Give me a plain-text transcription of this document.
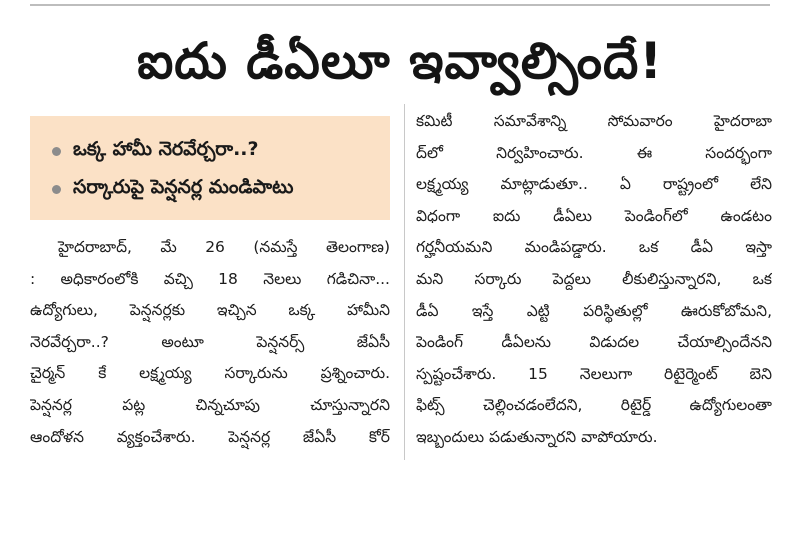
ఐదు డీఏలూ ఇవ్వాల్సిందే!
ఒక్క హామీ నెరవేర్చరా..?
సర్కారుపై పెన్షనర్ల మండిపాటు
హైదరాబాద్‌, మే 26 (నమస్తే తెలంగాణ)
: అధికారంలోకి వచ్చి 18 నెలలు గడిచినా...
ఉద్యోగులు, పెన్షనర్లకు ఇచ్చిన ఒక్క హామీని
నెరవేర్చరా..? అంటూ పెన్షనర్స్‌ జేఏసీ
చైర్మన్‌ కే లక్ష్మయ్య సర్కారును ప్రశ్నించారు.
పెన్షనర్ల పట్ల చిన్నచూపు చూస్తున్నారని
ఆందోళన వ్యక్తంచేశారు. పెన్షనర్ల జేఏసీ కోర్‌
కమిటీ సమావేశాన్ని సోమవారం హైదరాబా
ద్‌లో నిర్వహించారు. ఈ సందర్భంగా
లక్ష్మయ్య మాట్లాడుతూ.. ఏ రాష్ట్రంలో లేని
విధంగా ఐదు డీఏలు పెండింగ్‌లో ఉండటం
గర్హనీయమని మండిపడ్డారు. ఒక డీఏ ఇస్తా
మని సర్కారు పెద్దలు లీకులిస్తున్నారని, ఒక
డీఏ ఇస్తే ఎట్టి పరిస్థితుల్లో ఊరుకోబోమని,
పెండింగ్‌ డీఏలను విడుదల చేయాల్సిందేనని
స్పష్టంచేశారు. 15 నెలలుగా రిటైర్మెంట్‌ బెని
ఫిట్స్‌ చెల్లించడంలేదని, రిటైర్డ్‌ ఉద్యోగులంతా
ఇబ్బందులు పడుతున్నారని వాపోయారు.
